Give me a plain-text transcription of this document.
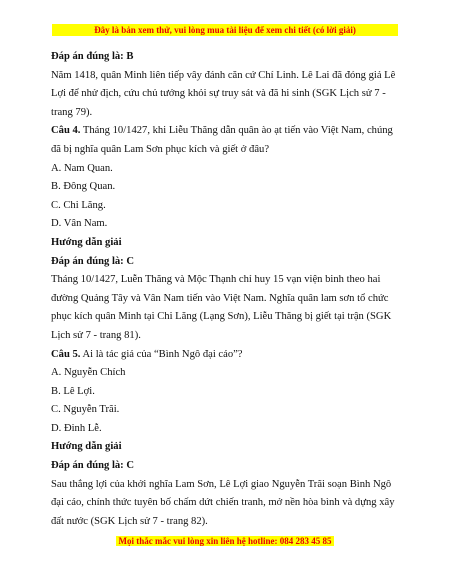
Đây là bản xem thử, vui lòng mua tài liệu để xem chi tiết (có lời giải)

Đáp án đúng là: B

Năm 1418, quân Minh liên tiếp vây đánh căn cứ Chí Linh. Lê Lai đã đóng giả Lê Lợi để nhử địch, cứu chủ tướng khỏi sự truy sát và đã hi sinh (SGK Lịch sử 7 - trang 79).

Câu 4. Tháng 10/1427, khi Liễu Thăng dẫn quân ào ạt tiến vào Việt Nam, chúng đã bị nghĩa quân Lam Sơn phục kích và giết ở đâu?

A. Nam Quan.

B. Đông Quan.

C. Chi Lăng.

D. Vân Nam.

Hướng dẫn giải

Đáp án đúng là: C

Tháng 10/1427, Luễn Thăng và Mộc Thạnh chỉ huy 15 vạn viện binh theo hai đường Quảng Tây và Vân Nam tiến vào Việt Nam. Nghĩa quân lam sơn tổ chức phục kích quân Minh tại Chi Lăng (Lạng Sơn), Liễu Thăng bị giết tại trận (SGK Lịch sử 7 - trang 81).

Câu 5. Ai là tác giả của “Bình Ngô đại cáo”?

A. Nguyễn Chích

B. Lê Lợi.

C. Nguyễn Trãi.

D. Đinh Lễ.

Hướng dẫn giải

Đáp án đúng là: C

Sau thắng lợi của khởi nghĩa Lam Sơn, Lê Lợi giao Nguyễn Trãi soạn Bình Ngô đại cáo, chính thức tuyên bố chấm dứt chiến tranh, mở nền hòa bình và dựng xây đất nước (SGK Lịch sử 7 - trang 82).

Mọi thắc mắc vui lòng xin liên hệ hotline: 084 283 45 85
